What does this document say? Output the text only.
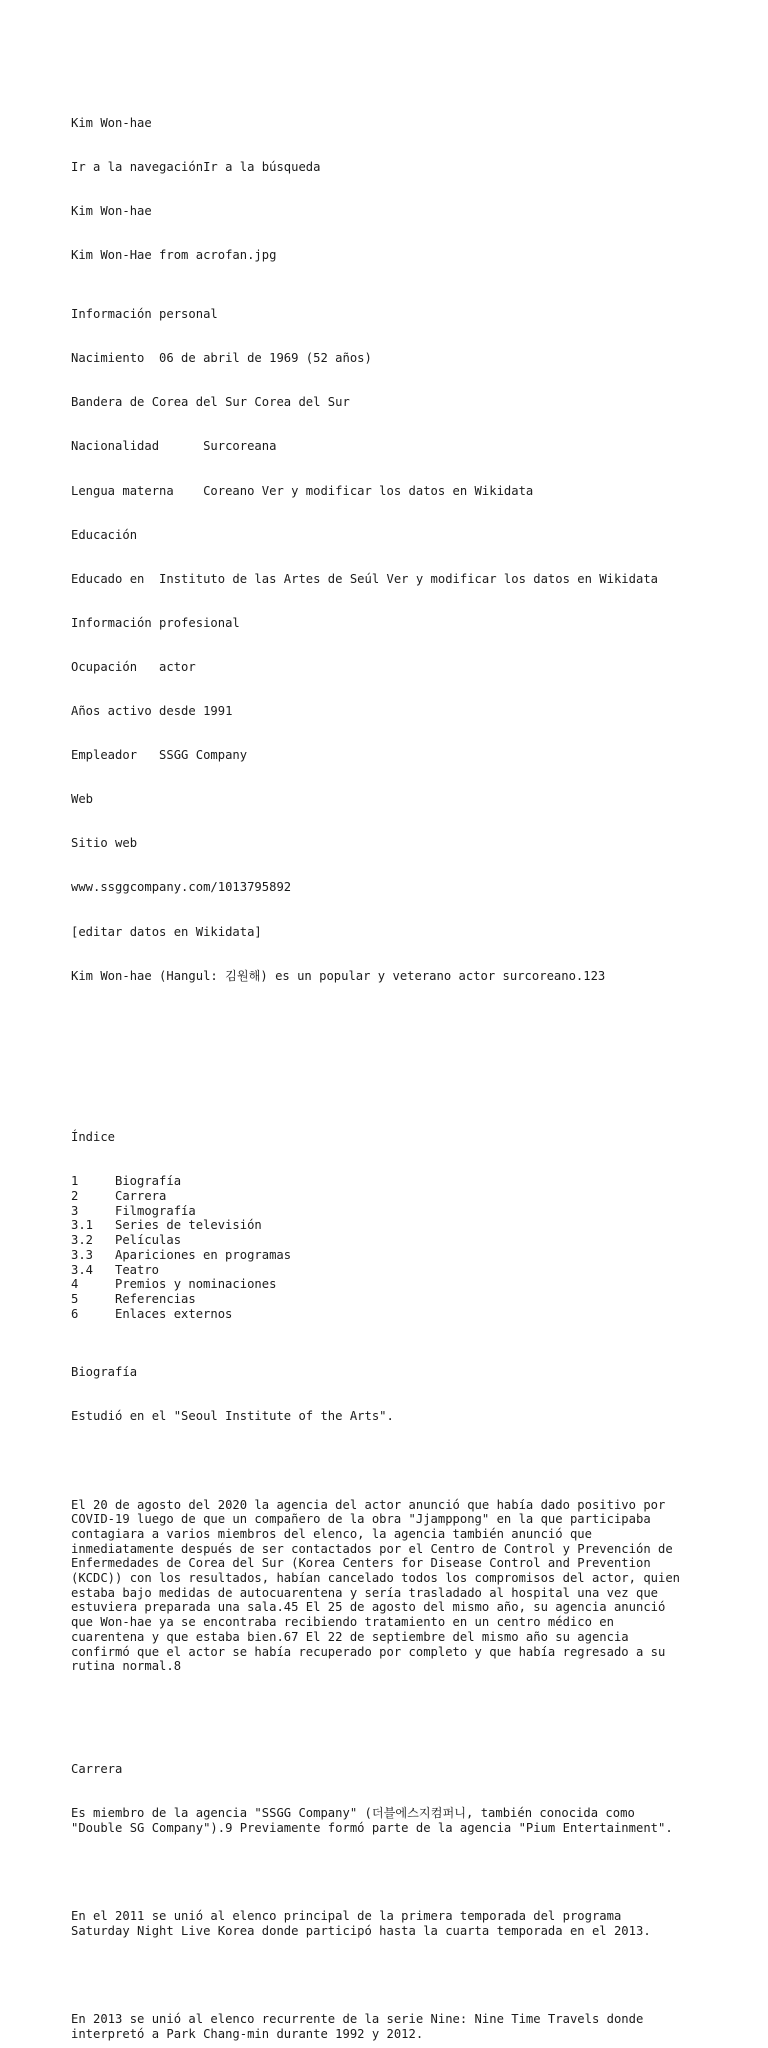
Kim Won-hae

Ir a la navegaciónIr a la búsqueda

Kim Won-hae

Kim Won-Hae from acrofan.jpg

Información personal

Nacimiento  06 de abril de 1969 (52 años)

Bandera de Corea del Sur Corea del Sur

Nacionalidad      Surcoreana

Lengua materna    Coreano Ver y modificar los datos en Wikidata

Educación

Educado en  Instituto de las Artes de Seúl Ver y modificar los datos en Wikidata

Información profesional

Ocupación   actor

Años activo desde 1991

Empleador   SSGG Company

Web

Sitio web

www.ssggcompany.com/1013795892

[editar datos en Wikidata]

Kim Won-hae (Hangul: 김원해) es un popular y veterano actor surcoreano.123

Índice

1	Biografía
2	Carrera
3	Filmografía
3.1 Series de televisión
3.2 Películas
3.3 Apariciones en programas
3.4 Teatro
4	Premios y nominaciones
5	Referencias
6	Enlaces externos

Biografía

Estudió en el "Seoul Institute of the Arts".

El 20 de agosto del 2020 la agencia del actor anunció que había dado positivo por
COVID-19 luego de que un compañero de la obra "Jjamppong" en la que participaba
contagiara a varios miembros del elenco, la agencia también anunció que
inmediatamente después de ser contactados por el Centro de Control y Prevención de
Enfermedades de Corea del Sur (Korea Centers for Disease Control and Prevention
(KCDC)) con los resultados, habían cancelado todos los compromisos del actor, quien
estaba bajo medidas de autocuarentena y sería trasladado al hospital una vez que
estuviera preparada una sala.45 El 25 de agosto del mismo año, su agencia anunció
que Won-hae ya se encontraba recibiendo tratamiento en un centro médico en
cuarentena y que estaba bien.67 El 22 de septiembre del mismo año su agencia
confirmó que el actor se había recuperado por completo y que había regresado a su
rutina normal.8

Carrera

Es miembro de la agencia "SSGG Company" (더블에스지컴퍼니, también conocida como
"Double SG Company").9 Previamente formó parte de la agencia "Pium Entertainment".

En el 2011 se unió al elenco principal de la primera temporada del programa
Saturday Night Live Korea donde participó hasta la cuarta temporada en el 2013.

En 2013 se unió al elenco recurrente de la serie Nine: Nine Time Travels donde
interpretó a Park Chang-min durante 1992 y 2012.
